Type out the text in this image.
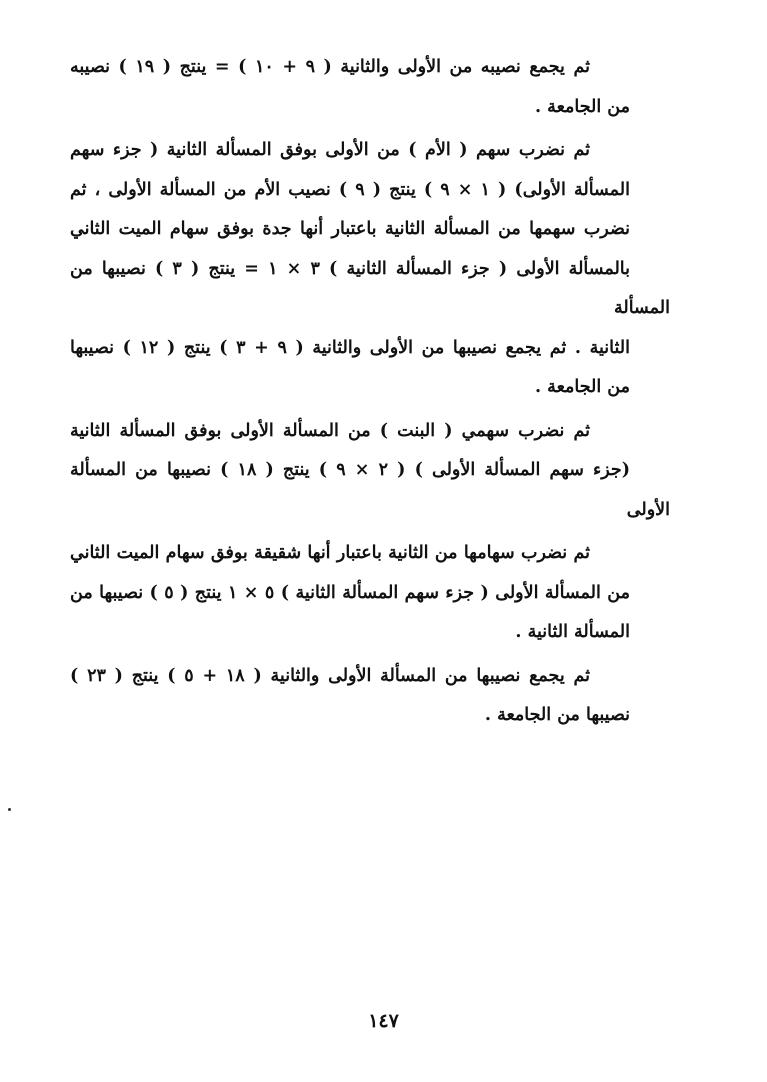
ثم يجمع نصيبه من الأولى والثانية ( ٩ + ١٠ ) = ينتج ( ١٩ ) نصيبه
من الجامعة .

ثم نضرب سهم ( الأم ) من الأولى بوفق المسألة الثانية ( جزء سهم
المسألة الأولى) ( ١ × ٩ ) ينتج ( ٩ ) نصيب الأم من المسألة الأولى ، ثم
نضرب سهمها من المسألة الثانية باعتبار أنها جدة بوفق سهام الميت الثاني
بالمسألة الأولى ( جزء المسألة الثانية ) ٣ × ١ = ينتج ( ٣ ) نصيبها من المسألة
الثانية . ثم يجمع نصيبها من الأولى والثانية ( ٩ + ٣ ) ينتج ( ١٢ ) نصيبها
من الجامعة .

ثم نضرب سهمي ( البنت ) من المسألة الأولى بوفق المسألة الثانية
(جزء سهم المسألة الأولى ) ( ٢ × ٩ ) ينتج ( ١٨ ) نصيبها من المسألة الأولى

ثم نضرب سهامها من الثانية باعتبار أنها شقيقة بوفق سهام الميت الثاني
من المسألة الأولى ( جزء سهم المسألة الثانية ) ٥ × ١ ينتج ( ٥ ) نصيبها من
المسألة الثانية .

ثم يجمع نصيبها من المسألة الأولى والثانية ( ١٨ + ٥ ) ينتج ( ٢٣ )
نصيبها من الجامعة .

١٤٧
